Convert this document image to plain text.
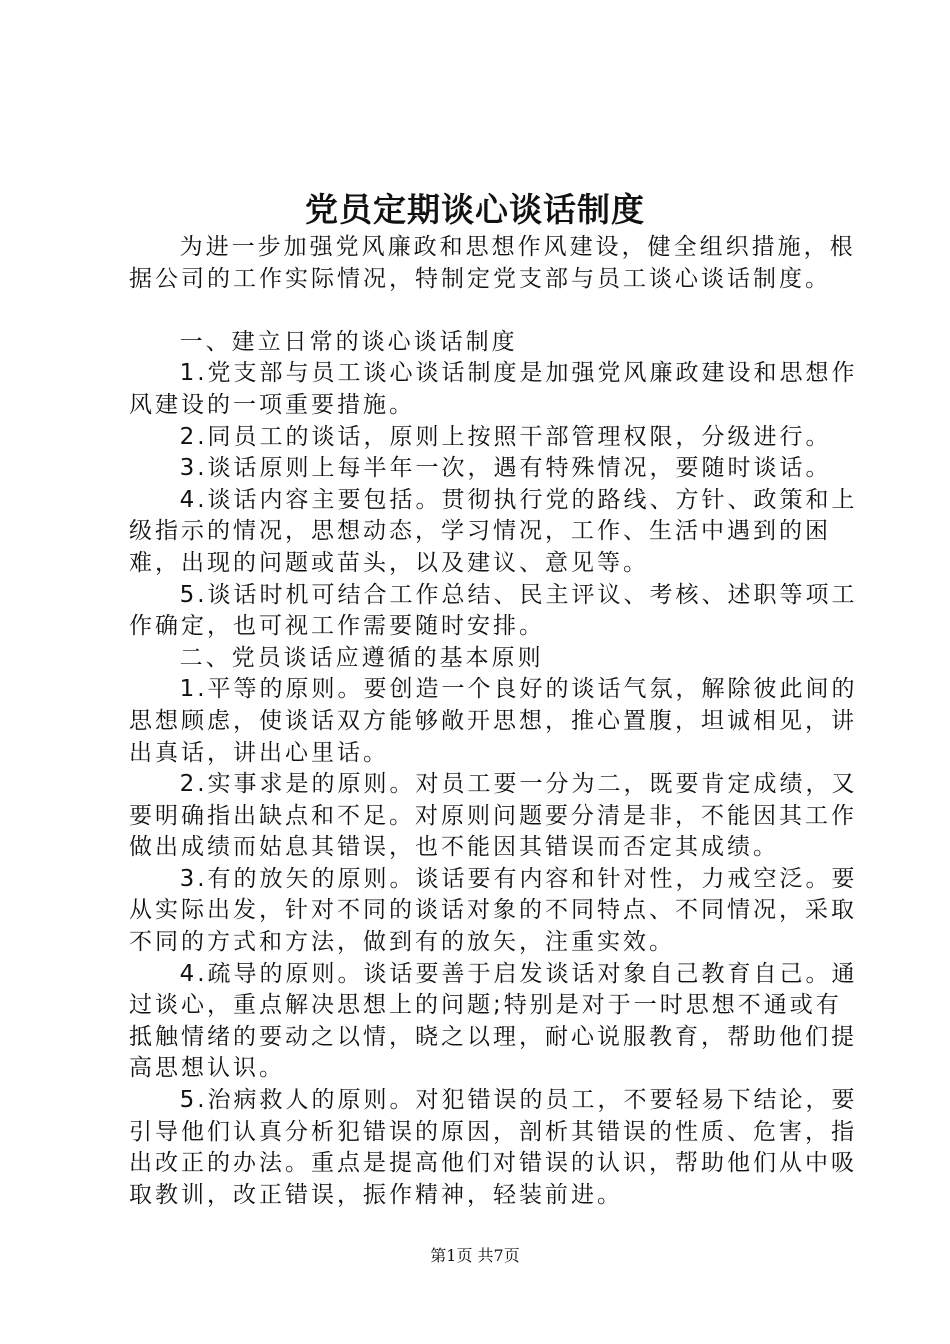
党员定期谈心谈话制度

为进一步加强党风廉政和思想作风建设，健全组织措施，根据公司的工作实际情况，特制定党支部与员工谈心谈话制度。

一、建立日常的谈心谈话制度

1.党支部与员工谈心谈话制度是加强党风廉政建设和思想作风建设的一项重要措施。

2.同员工的谈话，原则上按照干部管理权限，分级进行。

3.谈话原则上每半年一次，遇有特殊情况，要随时谈话。

4.谈话内容主要包括。贯彻执行党的路线、方针、政策和上级指示的情况，思想动态，学习情况，工作、生活中遇到的困难，出现的问题或苗头，以及建议、意见等。

5.谈话时机可结合工作总结、民主评议、考核、述职等项工作确定，也可视工作需要随时安排。

二、党员谈话应遵循的基本原则

1.平等的原则。要创造一个良好的谈话气氛，解除彼此间的思想顾虑，使谈话双方能够敞开思想，推心置腹，坦诚相见，讲出真话，讲出心里话。

2.实事求是的原则。对员工要一分为二，既要肯定成绩，又要明确指出缺点和不足。对原则问题要分清是非，不能因其工作做出成绩而姑息其错误，也不能因其错误而否定其成绩。

3.有的放矢的原则。谈话要有内容和针对性，力戒空泛。要从实际出发，针对不同的谈话对象的不同特点、不同情况，采取不同的方式和方法，做到有的放矢，注重实效。

4.疏导的原则。谈话要善于启发谈话对象自己教育自己。通过谈心，重点解决思想上的问题;特别是对于一时思想不通或有抵触情绪的要动之以情，晓之以理，耐心说服教育，帮助他们提高思想认识。

5.治病救人的原则。对犯错误的员工，不要轻易下结论，要引导他们认真分析犯错误的原因，剖析其错误的性质、危害，指出改正的办法。重点是提高他们对错误的认识，帮助他们从中吸取教训，改正错误，振作精神，轻装前进。

第1页 共7页
